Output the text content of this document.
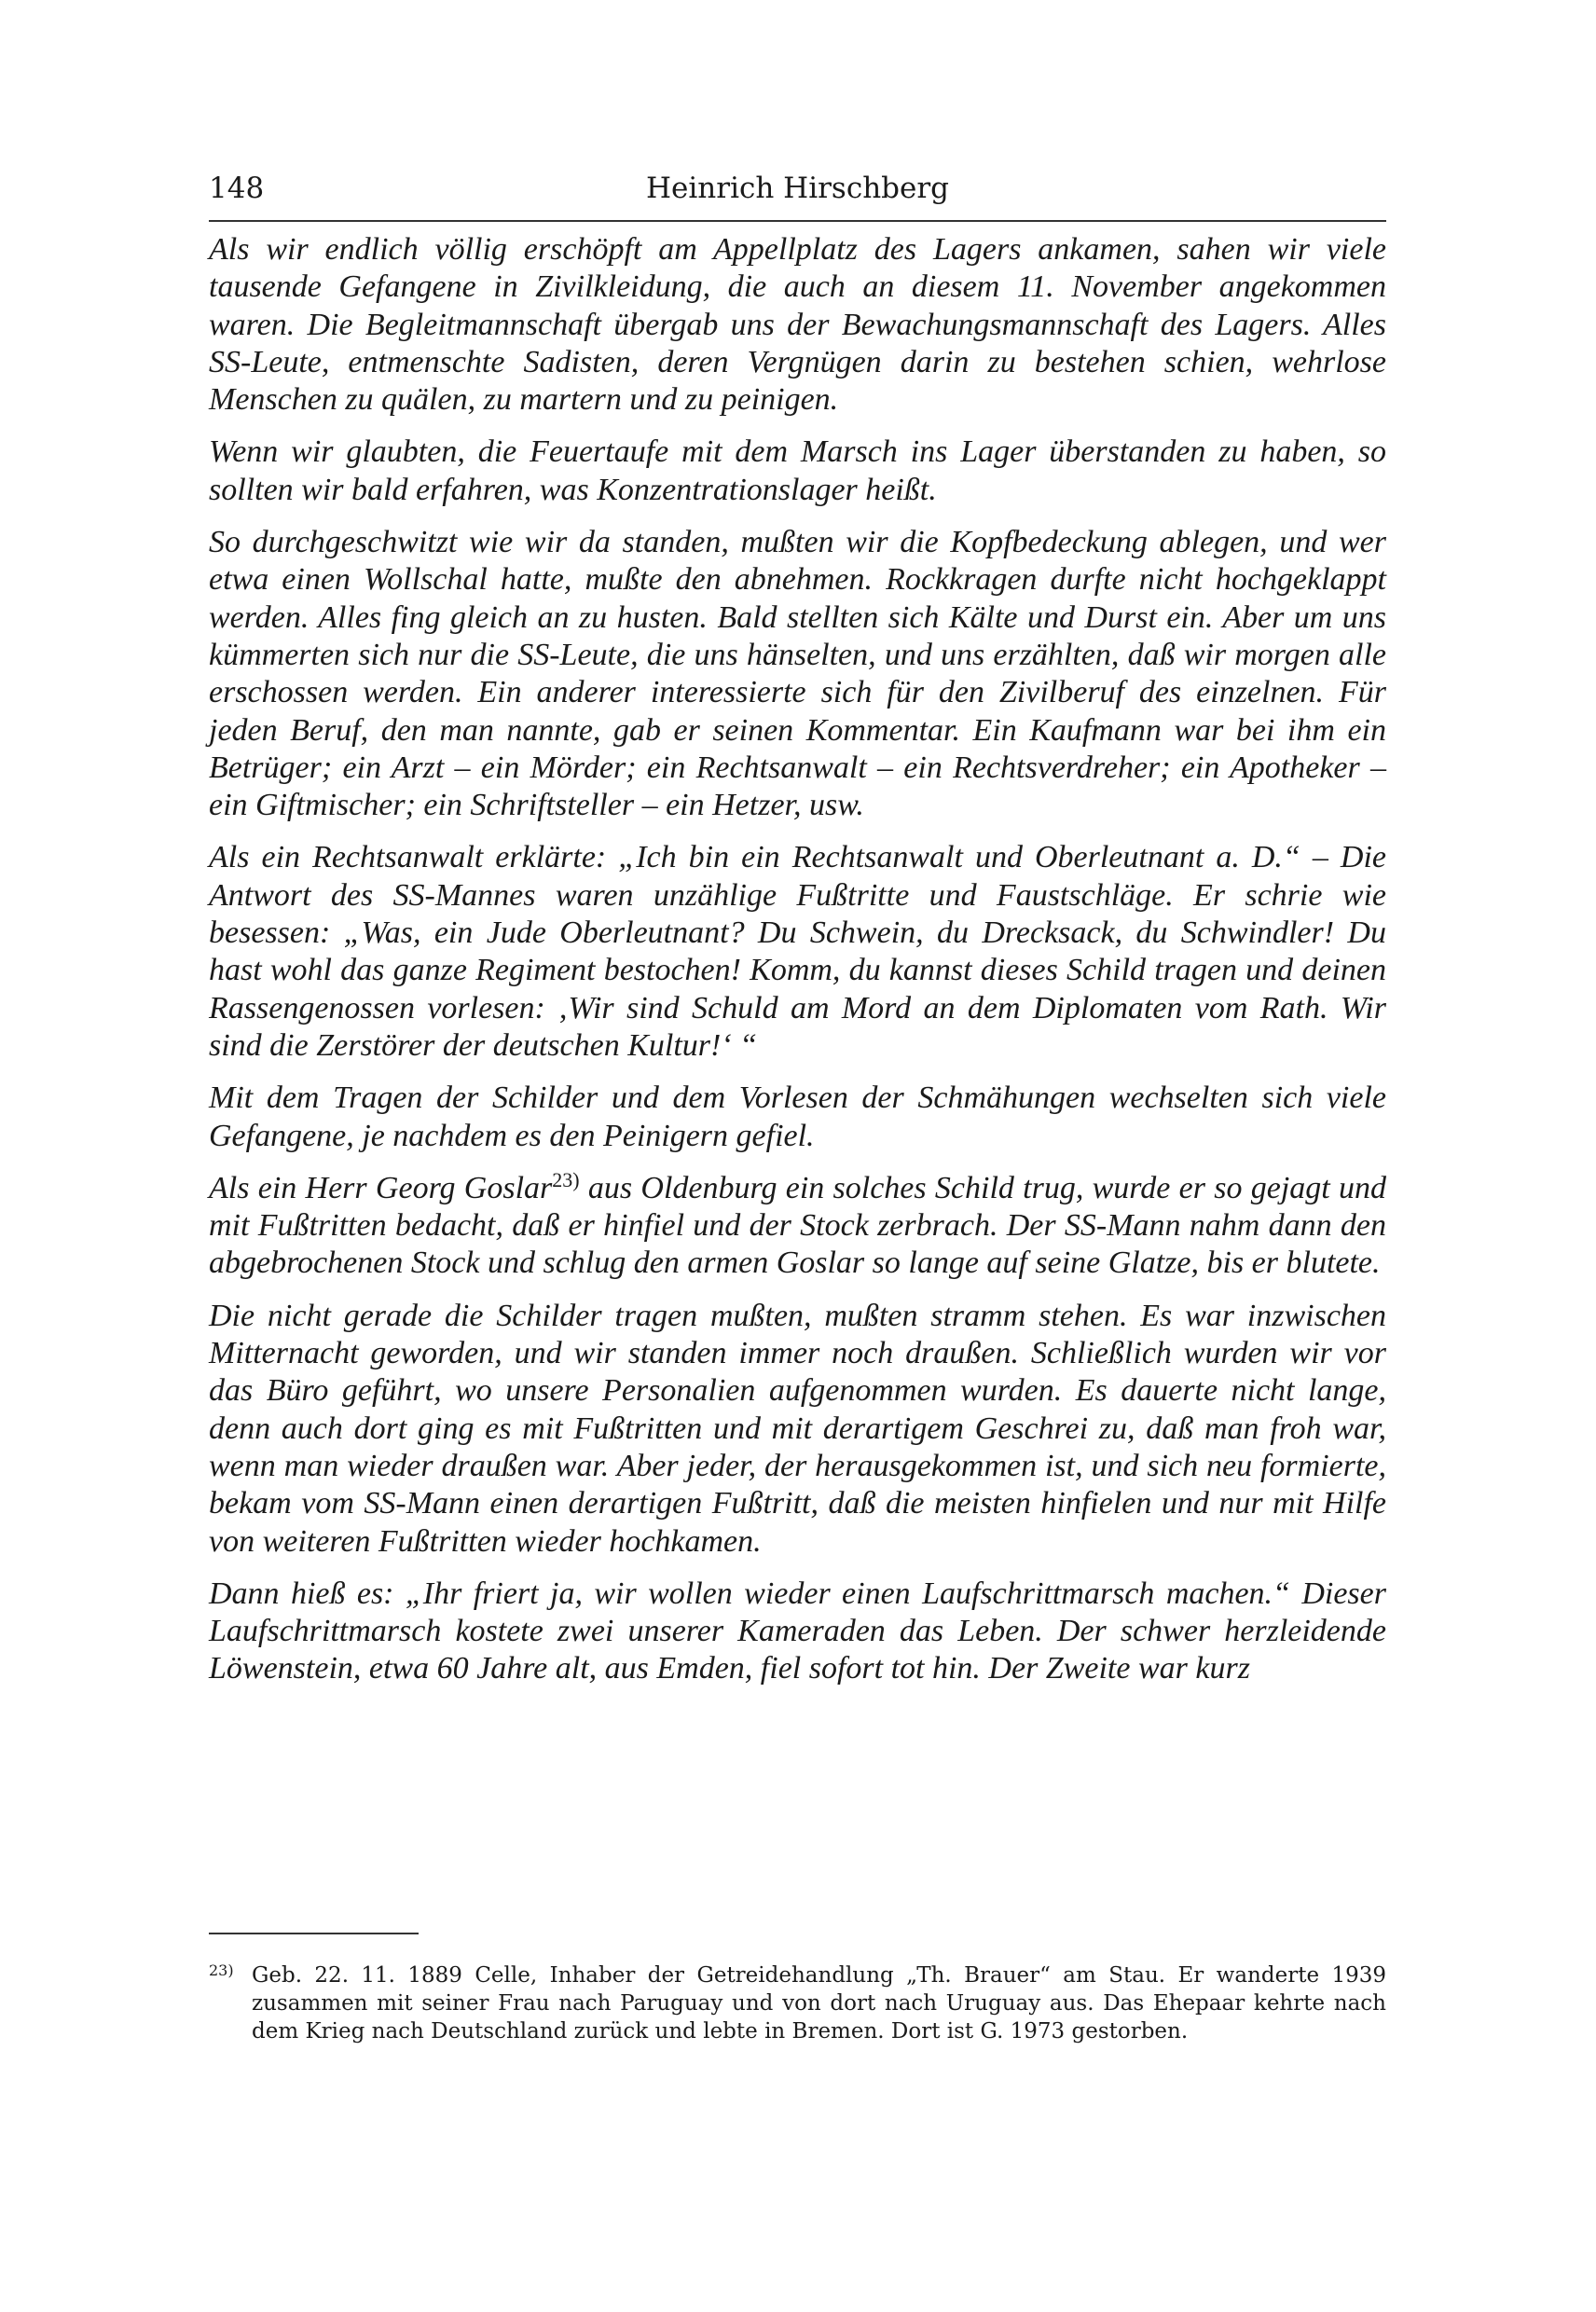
148	Heinrich Hirschberg

Als wir endlich völlig erschöpft am Appellplatz des Lagers ankamen, sahen wir viele tausende Gefangene in Zivilkleidung, die auch an diesem 11. November angekommen waren. Die Begleitmannschaft übergab uns der Bewachungsmannschaft des Lagers. Alles SS-Leute, entmenschte Sadisten, deren Vergnügen darin zu bestehen schien, wehrlose Menschen zu quälen, zu martern und zu peinigen.

Wenn wir glaubten, die Feuertaufe mit dem Marsch ins Lager überstanden zu haben, so sollten wir bald erfahren, was Konzentrationslager heißt.

So durchgeschwitzt wie wir da standen, mußten wir die Kopfbedeckung ablegen, und wer etwa einen Wollschal hatte, mußte den abnehmen. Rockkragen durfte nicht hochgeklappt werden. Alles fing gleich an zu husten. Bald stellten sich Kälte und Durst ein. Aber um uns kümmerten sich nur die SS-Leute, die uns hänselten, und uns erzählten, daß wir morgen alle erschossen werden. Ein anderer interessierte sich für den Zivilberuf des einzelnen. Für jeden Beruf, den man nannte, gab er seinen Kommentar. Ein Kaufmann war bei ihm ein Betrüger; ein Arzt – ein Mörder; ein Rechtsanwalt – ein Rechtsverdreher; ein Apotheker – ein Giftmischer; ein Schriftsteller – ein Hetzer, usw.

Als ein Rechtsanwalt erklärte: „Ich bin ein Rechtsanwalt und Oberleutnant a. D.“ – Die Antwort des SS-Mannes waren unzählige Fußtritte und Faustschläge. Er schrie wie besessen: „Was, ein Jude Oberleutnant? Du Schwein, du Drecksack, du Schwindler! Du hast wohl das ganze Regiment bestochen! Komm, du kannst dieses Schild tragen und deinen Rassengenossen vorlesen: ‚Wir sind Schuld am Mord an dem Diplomaten vom Rath. Wir sind die Zerstörer der deutschen Kultur!‘ “

Mit dem Tragen der Schilder und dem Vorlesen der Schmähungen wechselten sich viele Gefangene, je nachdem es den Peinigern gefiel.

Als ein Herr Georg Goslar$^{23)}$ aus Oldenburg ein solches Schild trug, wurde er so gejagt und mit Fußtritten bedacht, daß er hinfiel und der Stock zerbrach. Der SS-Mann nahm dann den abgebrochenen Stock und schlug den armen Goslar so lange auf seine Glatze, bis er blutete.

Die nicht gerade die Schilder tragen mußten, mußten stramm stehen. Es war inzwischen Mitternacht geworden, und wir standen immer noch draußen. Schließlich wurden wir vor das Büro geführt, wo unsere Personalien aufgenommen wurden. Es dauerte nicht lange, denn auch dort ging es mit Fußtritten und mit derartigem Geschrei zu, daß man froh war, wenn man wieder draußen war. Aber jeder, der herausgekommen ist, und sich neu formierte, bekam vom SS-Mann einen derartigen Fußtritt, daß die meisten hinfielen und nur mit Hilfe von weiteren Fußtritten wieder hochkamen.

Dann hieß es: „Ihr friert ja, wir wollen wieder einen Laufschrittmarsch machen.“ Dieser Laufschrittmarsch kostete zwei unserer Kameraden das Leben. Der schwer herzleidende Löwenstein, etwa 60 Jahre alt, aus Emden, fiel sofort tot hin. Der Zweite war kurz

23) Geb. 22. 11. 1889 Celle, Inhaber der Getreidehandlung „Th. Brauer“ am Stau. Er wanderte 1939 zusammen mit seiner Frau nach Paruguay und von dort nach Uruguay aus. Das Ehepaar kehrte nach dem Krieg nach Deutschland zurück und lebte in Bremen. Dort ist G. 1973 gestorben.
